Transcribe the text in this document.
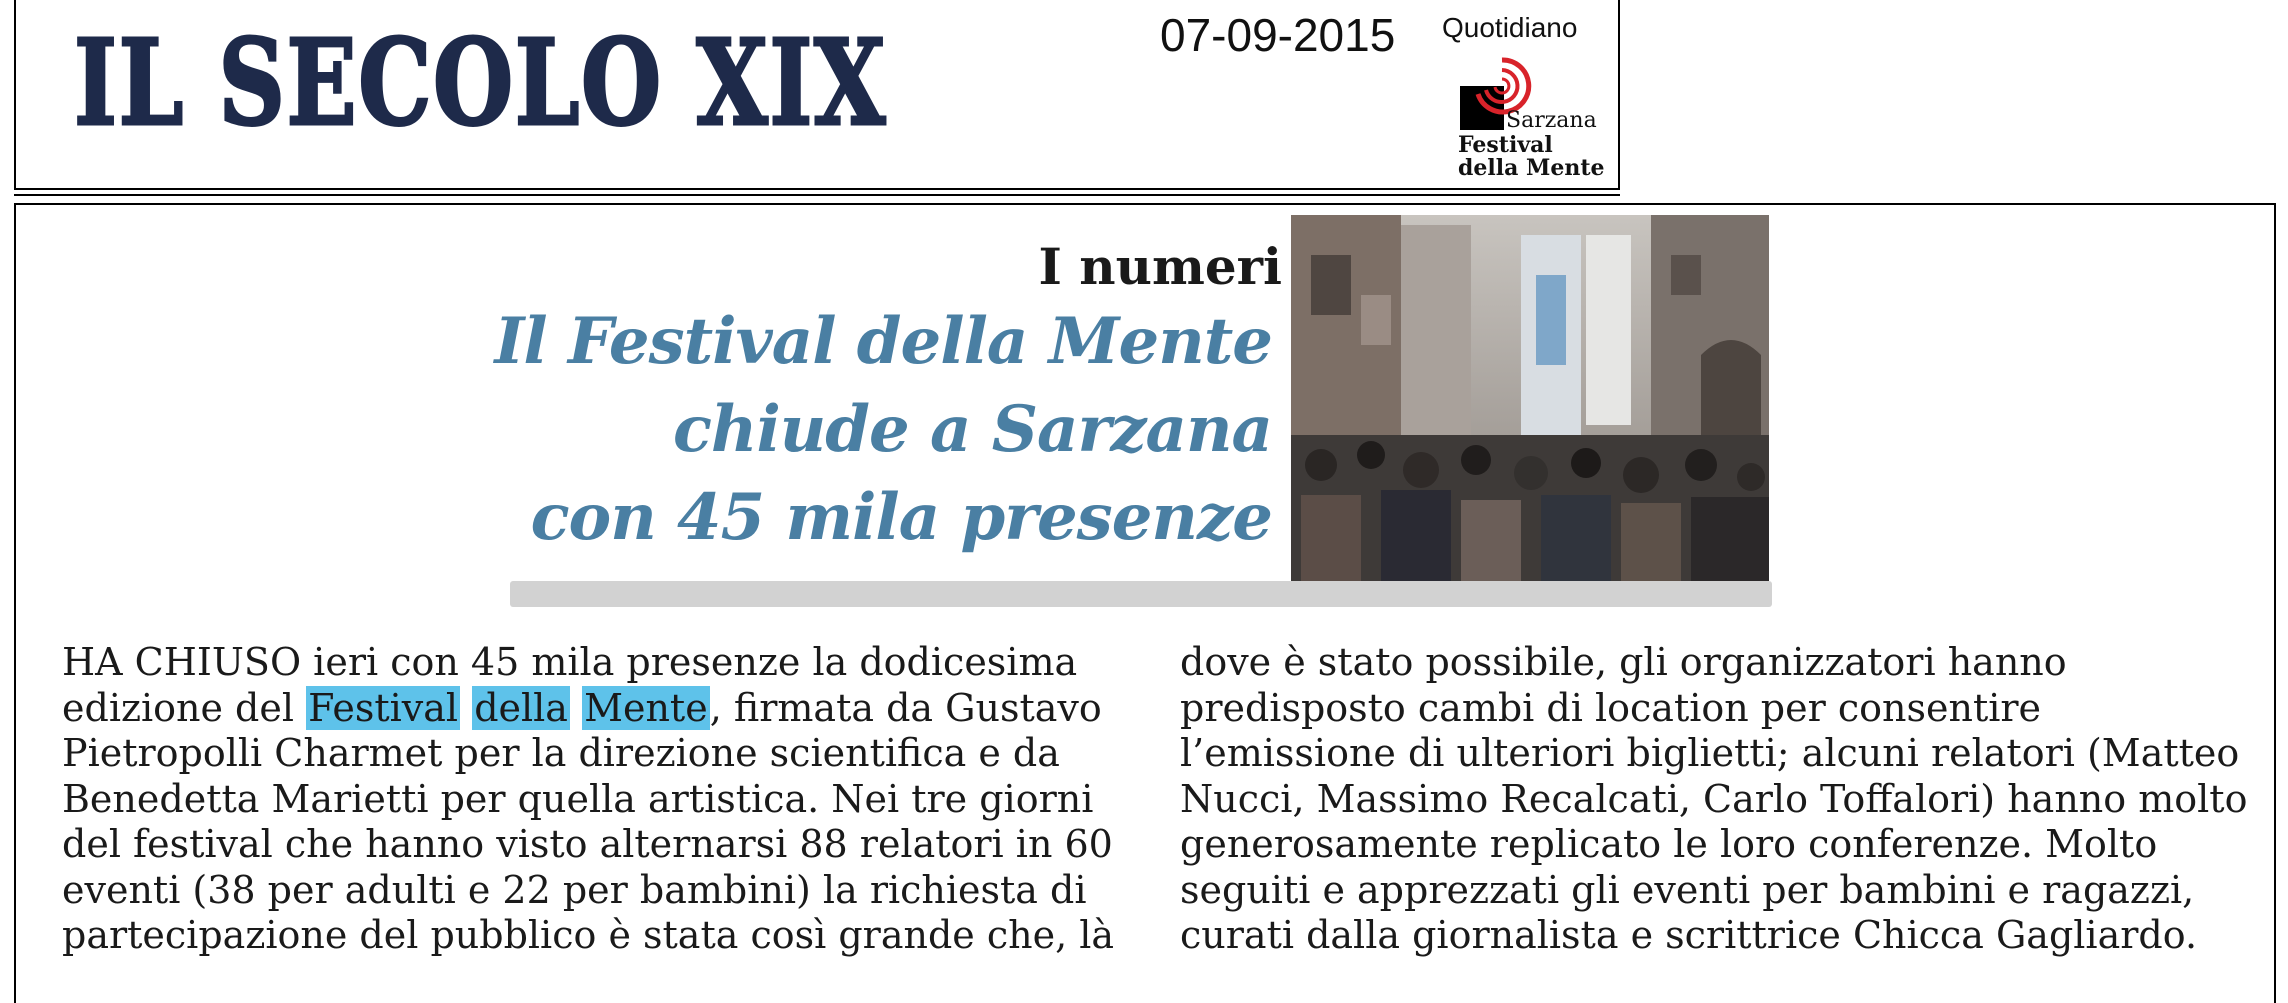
IL SECOLO XIX	07-09-2015 Quotidiano
Sarzana
Festival
della Mente
I numeri
Il Festival della Mente
chiude a Sarzana
con 45 mila presenze
HA CHIUSO ieri con 45 mila presenze la dodicesima
edizione del Festival della Mente, firmata da Gustavo
Pietropolli Charmet per la direzione scientifica e da
Benedetta Marietti per quella artistica. Nei tre giorni
del festival che hanno visto alternarsi 88 relatori in 60
eventi (38 per adulti e 22 per bambini) la richiesta di
partecipazione del pubblico è stata così grande che, là
dove è stato possibile, gli organizzatori hanno
predisposto cambi di location per consentire
l’emissione di ulteriori biglietti; alcuni relatori (Matteo
Nucci, Massimo Recalcati, Carlo Toffalori) hanno molto
generosamente replicato le loro conferenze. Molto
seguiti e apprezzati gli eventi per bambini e ragazzi,
curati dalla giornalista e scrittrice Chicca Gagliardo.
